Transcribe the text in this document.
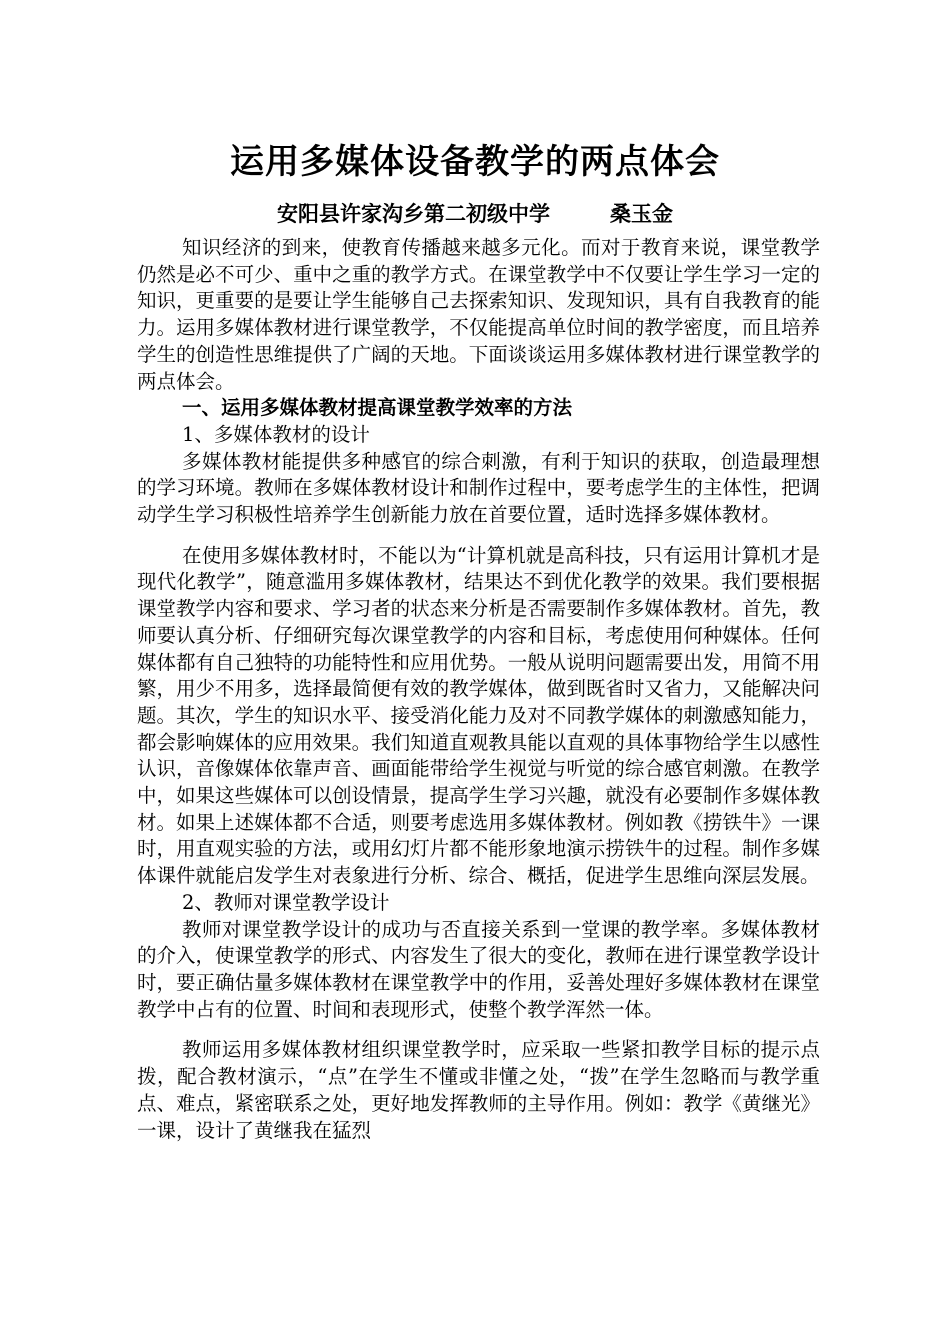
运用多媒体设备教学的两点体会
安阳县许家沟乡第二初级中学	桑玉金

知识经济的到来，使教育传播越来越多元化。而对于教育来说，课堂教学仍然是必不可少、重中之重的教学方式。在课堂教学中不仅要让学生学习一定的知识，更重要的是要让学生能够自己去探索知识、发现知识，具有自我教育的能力。运用多媒体教材进行课堂教学，不仅能提高单位时间的教学密度，而且培养学生的创造性思维提供了广阔的天地。下面谈谈运用多媒体教材进行课堂教学的两点体会。

一、运用多媒体教材提高课堂教学效率的方法

1、多媒体教材的设计

多媒体教材能提供多种感官的综合刺激，有利于知识的获取，创造最理想的学习环境。教师在多媒体教材设计和制作过程中，要考虑学生的主体性，把调动学生学习积极性培养学生创新能力放在首要位置，适时选择多媒体教材。

在使用多媒体教材时，不能以为“计算机就是高科技，只有运用计算机才是现代化教学”，随意滥用多媒体教材，结果达不到优化教学的效果。我们要根据课堂教学内容和要求、学习者的状态来分析是否需要制作多媒体教材。首先，教师要认真分析、仔细研究每次课堂教学的内容和目标，考虑使用何种媒体。任何媒体都有自己独特的功能特性和应用优势。一般从说明问题需要出发，用简不用繁，用少不用多，选择最简便有效的教学媒体，做到既省时又省力，又能解决问题。其次，学生的知识水平、接受消化能力及对不同教学媒体的刺激感知能力，都会影响媒体的应用效果。我们知道直观教具能以直观的具体事物给学生以感性认识，音像媒体依靠声音、画面能带给学生视觉与听觉的综合感官刺激。在教学中，如果这些媒体可以创设情景，提高学生学习兴趣，就没有必要制作多媒体教材。如果上述媒体都不合适，则要考虑选用多媒体教材。例如教《捞铁牛》一课时，用直观实验的方法，或用幻灯片都不能形象地演示捞铁牛的过程。制作多媒体课件就能启发学生对表象进行分析、综合、概括，促进学生思维向深层发展。

2、教师对课堂教学设计

教师对课堂教学设计的成功与否直接关系到一堂课的教学率。多媒体教材的介入，使课堂教学的形式、内容发生了很大的变化，教师在进行课堂教学设计时，要正确估量多媒体教材在课堂教学中的作用，妥善处理好多媒体教材在课堂教学中占有的位置、时间和表现形式，使整个教学浑然一体。

教师运用多媒体教材组织课堂教学时，应采取一些紧扣教学目标的提示点拨，配合教材演示，“点”在学生不懂或非懂之处，“拨”在学生忽略而与教学重点、难点，紧密联系之处，更好地发挥教师的主导作用。例如：教学《黄继光》一课，设计了黄继我在猛烈
